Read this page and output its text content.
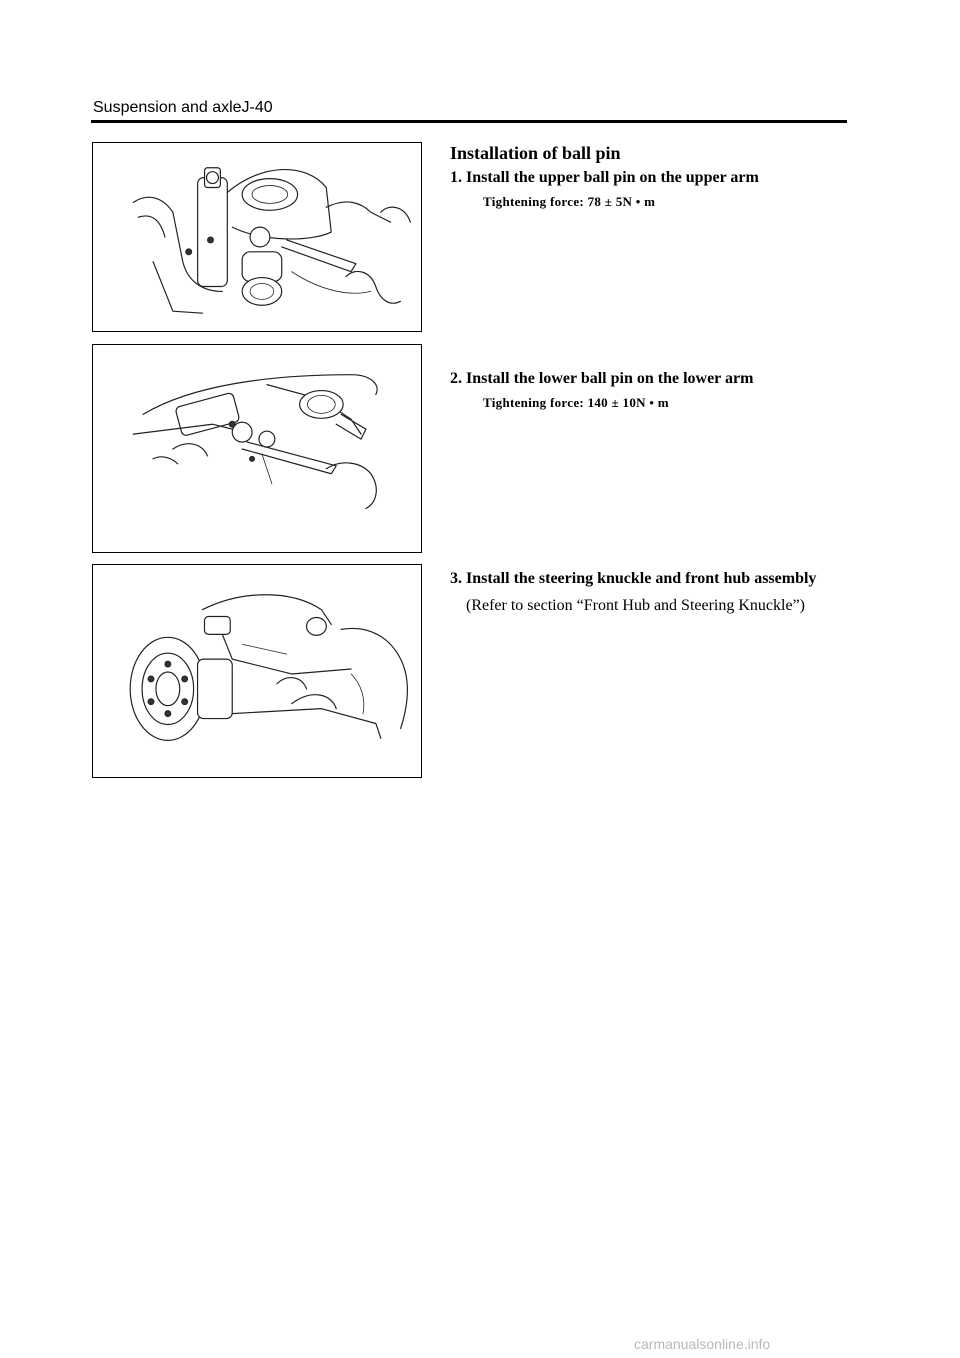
Suspension and axleJ-40
Installation of ball pin
1. Install the upper ball pin on the upper arm
Tightening force: 78 ± 5N • m
2. Install the lower ball pin on the lower arm
Tightening force: 140 ± 10N • m
3. Install the steering knuckle and front hub assembly
(Refer to section “Front Hub and Steering Knuckle”)
carmanualsonline.info
